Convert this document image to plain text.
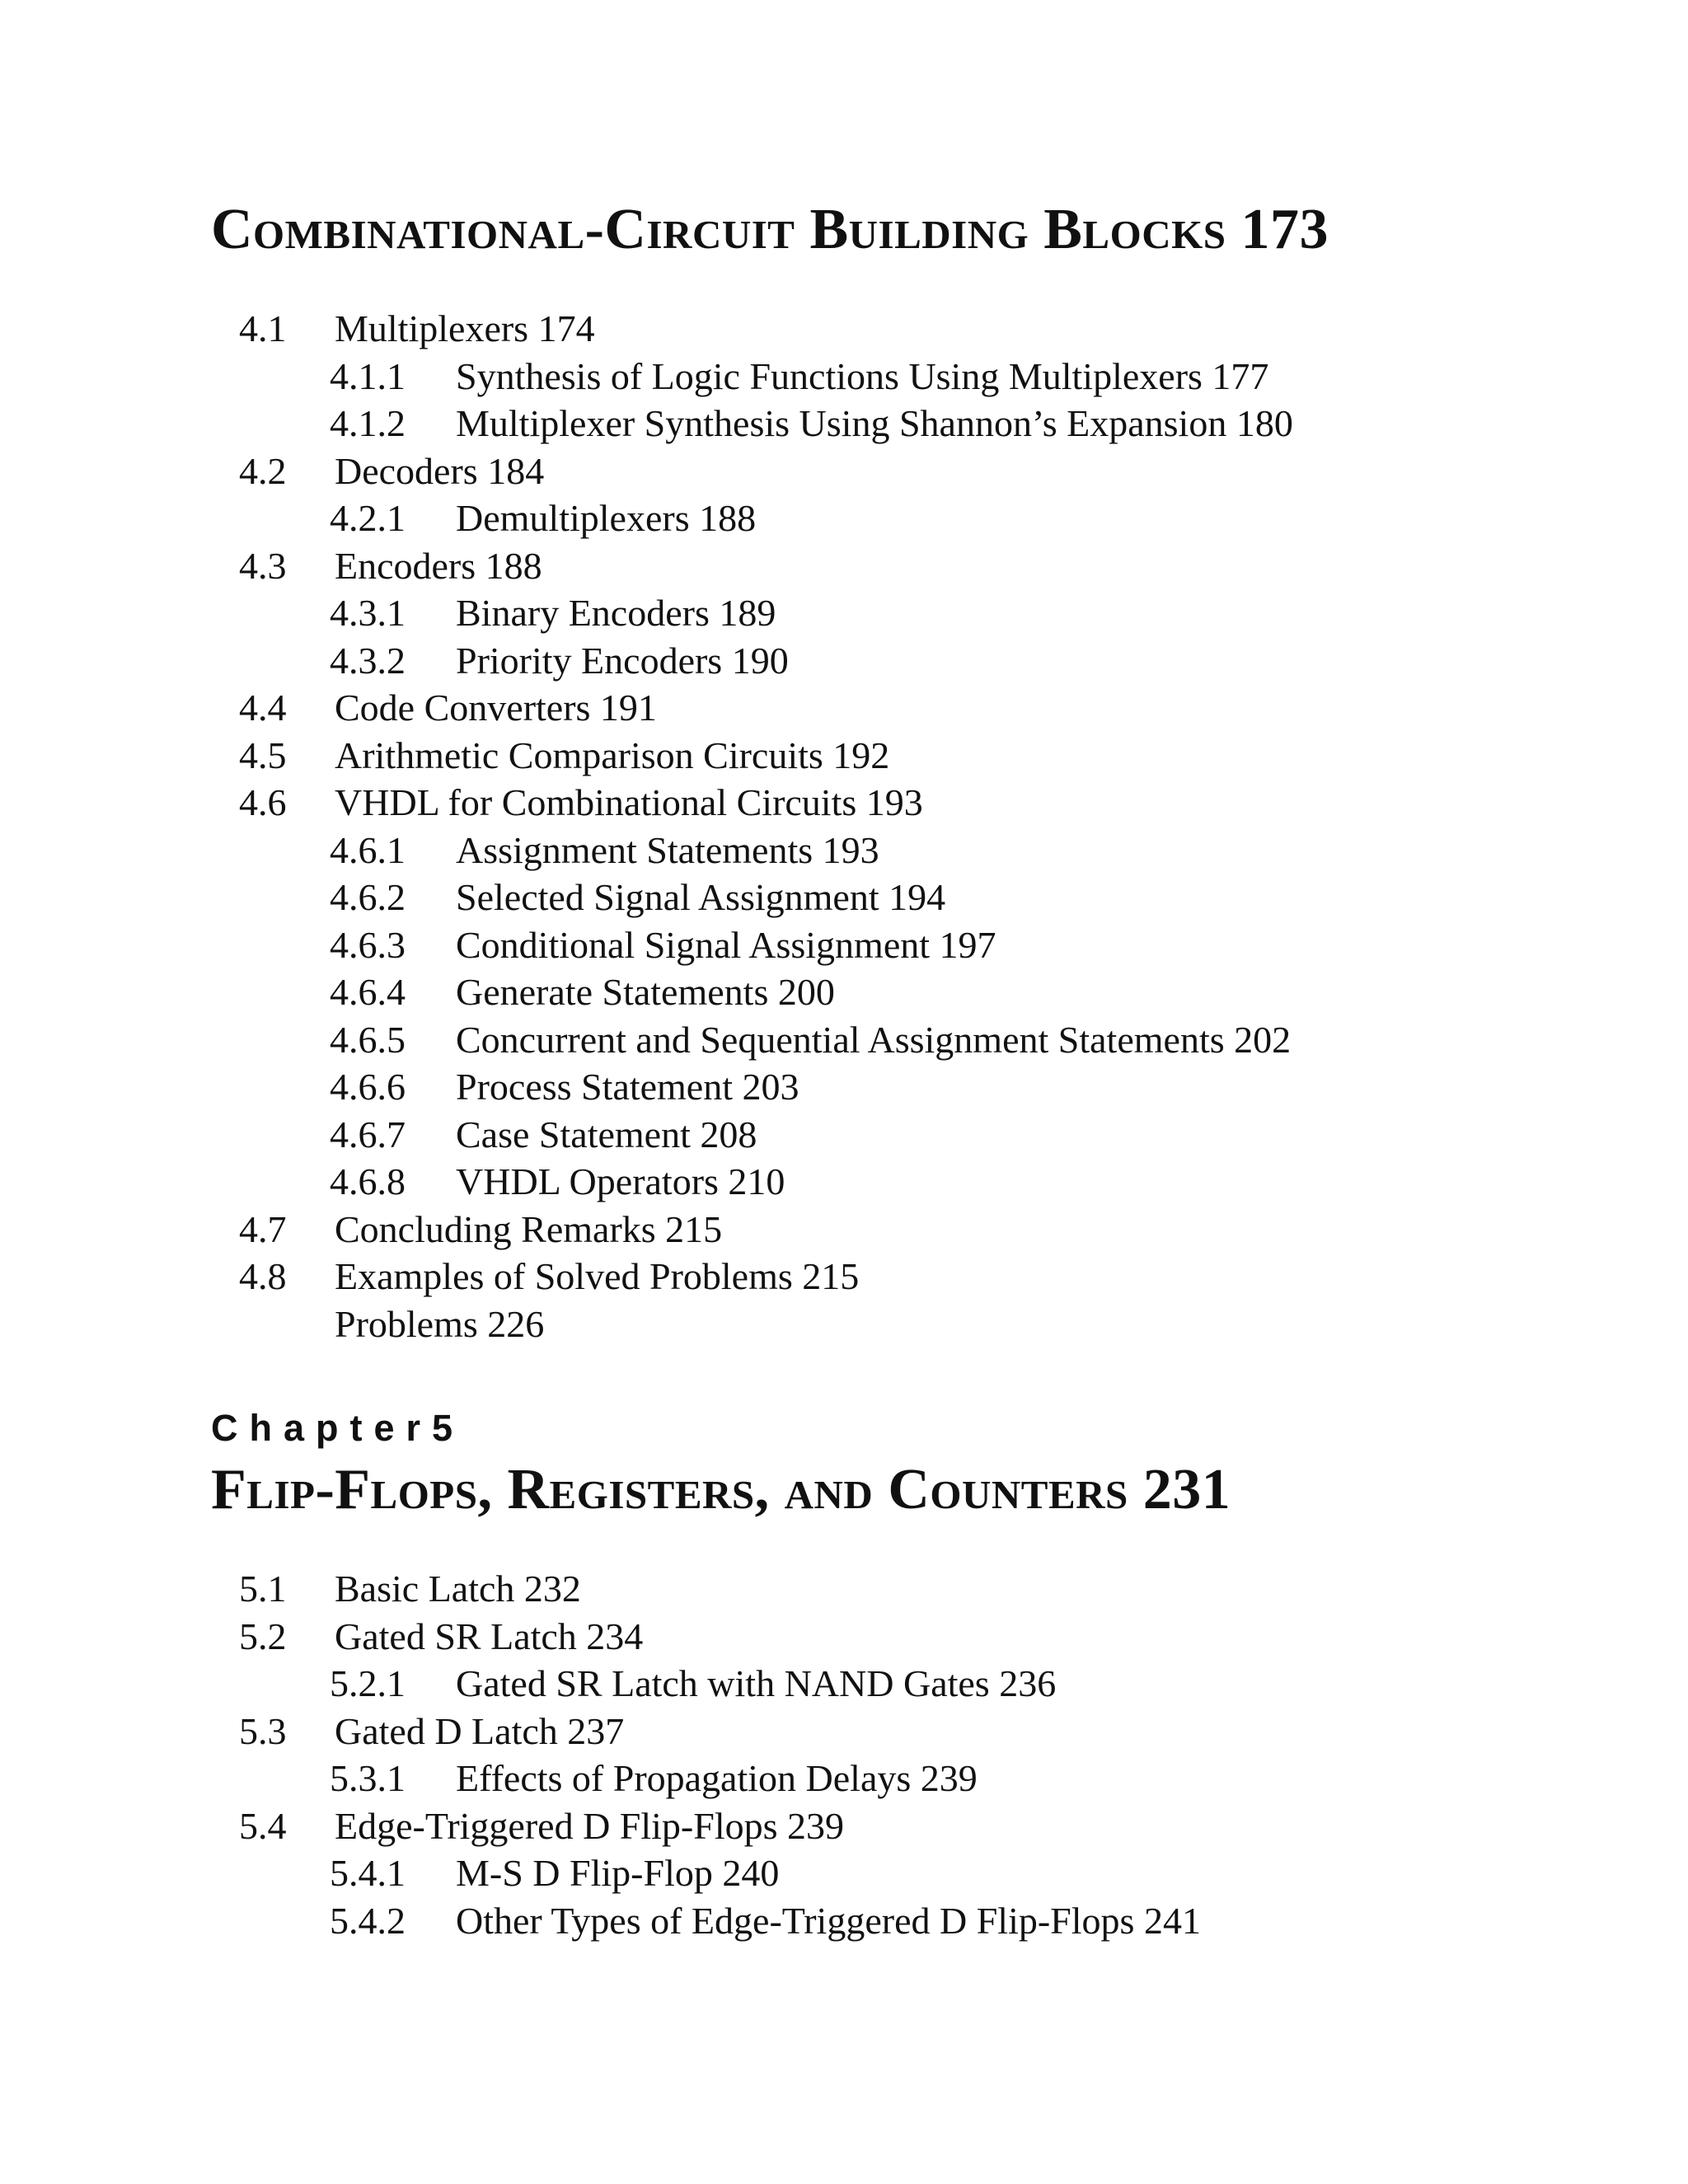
Combinational-Circuit Building Blocks 173
4.1 Multiplexers 174
4.1.1 Synthesis of Logic Functions Using Multiplexers 177
4.1.2 Multiplexer Synthesis Using Shannon’s Expansion 180
4.2 Decoders 184
4.2.1 Demultiplexers 188
4.3 Encoders 188
4.3.1 Binary Encoders 189
4.3.2 Priority Encoders 190
4.4 Code Converters 191
4.5 Arithmetic Comparison Circuits 192
4.6 VHDL for Combinational Circuits 193
4.6.1 Assignment Statements 193
4.6.2 Selected Signal Assignment 194
4.6.3 Conditional Signal Assignment 197
4.6.4 Generate Statements 200
4.6.5 Concurrent and Sequential Assignment Statements 202
4.6.6 Process Statement 203
4.6.7 Case Statement 208
4.6.8 VHDL Operators 210
4.7 Concluding Remarks 215
4.8 Examples of Solved Problems 215
Problems 226
Chapter5
Flip-Flops, Registers, and Counters 231
5.1 Basic Latch 232
5.2 Gated SR Latch 234
5.2.1 Gated SR Latch with NAND Gates 236
5.3 Gated D Latch 237
5.3.1 Effects of Propagation Delays 239
5.4 Edge-Triggered D Flip-Flops 239
5.4.1 M-S D Flip-Flop 240
5.4.2 Other Types of Edge-Triggered D Flip-Flops 241
